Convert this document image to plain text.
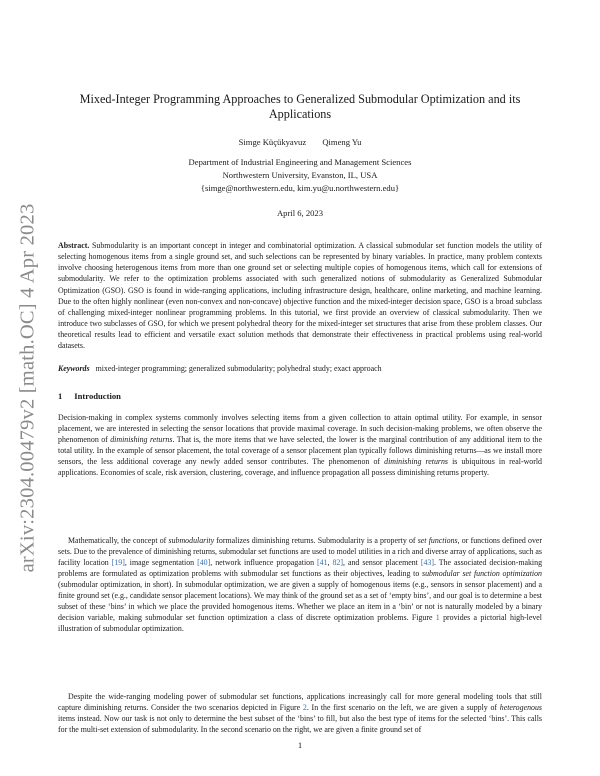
arXiv:2304.00479v2 [math.OC] 4 Apr 2023
Mixed-Integer Programming Approaches to Generalized Submodular Optimization and its Applications
Simge Küçükyavuz Qimeng Yu
Department of Industrial Engineering and Management Sciences
Northwestern University, Evanston, IL, USA
{simge@northwestern.edu, kim.yu@u.northwestern.edu}
April 6, 2023
Abstract. Submodularity is an important concept in integer and combinatorial optimization. A classical submodular set function models the utility of selecting homogenous items from a single ground set, and such selections can be represented by binary variables. In practice, many problem contexts involve choosing heterogenous items from more than one ground set or selecting multiple copies of homogenous items, which call for extensions of submodularity. We refer to the optimization problems associated with such generalized notions of submodularity as Generalized Submodular Optimization (GSO). GSO is found in wide-ranging applications, including infrastructure design, healthcare, online marketing, and machine learning. Due to the often highly nonlinear (even non-convex and non-concave) objective function and the mixed-integer decision space, GSO is a broad subclass of challenging mixed-integer nonlinear programming problems. In this tutorial, we first provide an overview of classical submodularity. Then we introduce two subclasses of GSO, for which we present polyhedral theory for the mixed-integer set structures that arise from these problem classes. Our theoretical results lead to efficient and versatile exact solution methods that demonstrate their effectiveness in practical problems using real-world datasets.
Keywords mixed-integer programming; generalized submodularity; polyhedral study; exact approach
1 Introduction
Decision-making in complex systems commonly involves selecting items from a given collection to attain optimal utility. For example, in sensor placement, we are interested in selecting the sensor locations that provide maximal coverage. In such decision-making problems, we often observe the phenomenon of diminishing returns. That is, the more items that we have selected, the lower is the marginal contribution of any additional item to the total utility. In the example of sensor placement, the total coverage of a sensor placement plan typically follows diminishing returns—as we install more sensors, the less additional coverage any newly added sensor contributes. The phenomenon of diminishing returns is ubiquitous in real-world applications. Economies of scale, risk aversion, clustering, coverage, and influence propagation all possess diminishing returns property.
Mathematically, the concept of submodularity formalizes diminishing returns. Submodularity is a property of set functions, or functions defined over sets. Due to the prevalence of diminishing returns, submodular set functions are used to model utilities in a rich and diverse array of applications, such as facility location [19], image segmentation [40], network influence propagation [41, 82], and sensor placement [43]. The associated decision-making problems are formulated as optimization problems with submodular set functions as their objectives, leading to submodular set function optimization (submodular optimization, in short). In submodular optimization, we are given a supply of homogenous items (e.g., sensors in sensor placement) and a finite ground set (e.g., candidate sensor placement locations). We may think of the ground set as a set of ‘empty bins’, and our goal is to determine a best subset of these ‘bins’ in which we place the provided homogenous items. Whether we place an item in a ‘bin’ or not is naturally modeled by a binary decision variable, making submodular set function optimization a class of discrete optimization problems. Figure 1 provides a pictorial high-level illustration of submodular optimization.
Despite the wide-ranging modeling power of submodular set functions, applications increasingly call for more general modeling tools that still capture diminishing returns. Consider the two scenarios depicted in Figure 2. In the first scenario on the left, we are given a supply of heterogenous items instead. Now our task is not only to determine the best subset of the ‘bins’ to fill, but also the best type of items for the selected ‘bins’. This calls for the multi-set extension of submodularity. In the second scenario on the right, we are given a finite ground set of
1
